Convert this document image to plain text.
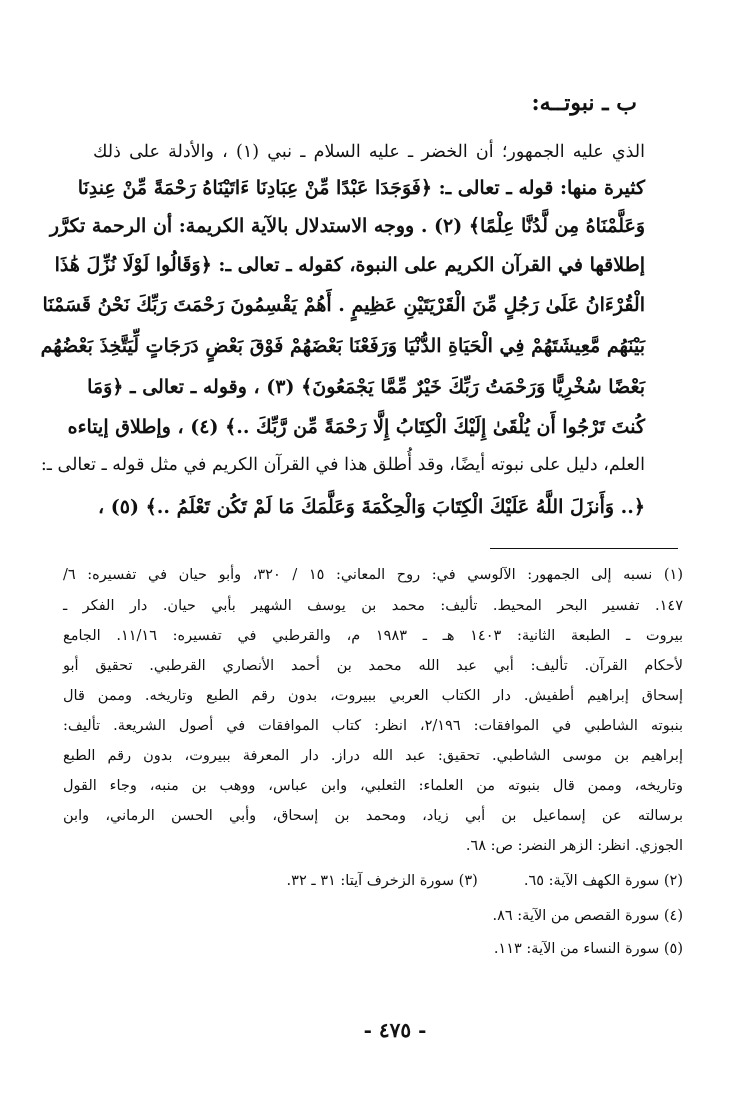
ب ـ نبوتــه:
الذي عليه الجمهور؛ أن الخضر ـ عليه السلام ـ نبي (١) ، والأدلة على ذلك
كثيرة منها: قوله ـ تعالى ـ: ﴿فَوَجَدَا عَبْدًا مِّنْ عِبَادِنَا ءَاتَيْنَاهُ رَحْمَةً مِّنْ عِندِنَا
وَعَلَّمْنَاهُ مِن لَّدُنَّا عِلْمًا﴾ (٢) . ووجه الاستدلال بالآية الكريمة: أن الرحمة تكرَّر
إطلاقها في القرآن الكريم على النبوة، كقوله ـ تعالى ـ: ﴿وَقَالُوا لَوْلَا نُزِّلَ هَٰذَا
الْقُرْءَانُ عَلَىٰ رَجُلٍ مِّنَ الْقَرْيَتَيْنِ عَظِيمٍ . أَهُمْ يَقْسِمُونَ رَحْمَتَ رَبِّكَ نَحْنُ قَسَمْنَا
بَيْنَهُم مَّعِيشَتَهُمْ فِي الْحَيَاةِ الدُّنْيَا وَرَفَعْنَا بَعْضَهُمْ فَوْقَ بَعْضٍ دَرَجَاتٍ لِّيَتَّخِذَ بَعْضُهُم
بَعْضًا سُخْرِيًّا وَرَحْمَتُ رَبِّكَ خَيْرٌ مِّمَّا يَجْمَعُونَ﴾ (٣) ، وقوله ـ تعالى ـ ﴿وَمَا
كُنتَ تَرْجُوا أَن يُلْقَىٰ إِلَيْكَ الْكِتَابُ إِلَّا رَحْمَةً مِّن رَّبِّكَ ..﴾ (٤) ، وإطلاق إيتاءه
العلم، دليل على نبوته أيضًا، وقد أُطلق هذا في القرآن الكريم في مثل قوله ـ تعالى ـ:
﴿.. وَأَنزَلَ اللَّهُ عَلَيْكَ الْكِتَابَ وَالْحِكْمَةَ وَعَلَّمَكَ مَا لَمْ تَكُن تَعْلَمُ ..﴾ (٥) ،
(١) نسبه إلى الجمهور: الآلوسي في: روح المعاني: ١٥ / ٣٢٠، وأبو حيان في تفسيره: ٦/
١٤٧. تفسير البحر المحيط. تأليف: محمد بن يوسف الشهير بأبي حيان. دار الفكر ـ
بيروت ـ الطبعة الثانية: ١٤٠٣ هـ ـ ١٩٨٣ م، والقرطبي في تفسيره: ١١/١٦. الجامع
لأحكام القرآن. تأليف: أبي عبد الله محمد بن أحمد الأنصاري القرطبي. تحقيق أبو
إسحاق إبراهيم أطفيش. دار الكتاب العربي ببيروت، بدون رقم الطبع وتاريخه. وممن قال
بنبوته الشاطبي في الموافقات: ٢/١٩٦، انظر: كتاب الموافقات في أصول الشريعة. تأليف:
إبراهيم بن موسى الشاطبي. تحقيق: عبد الله دراز. دار المعرفة ببيروت، بدون رقم الطبع
وتاريخه، وممن قال بنبوته من العلماء: الثعلبي، وابن عباس، ووهب بن منبه، وجاء القول
برسالته عن إسماعيل بن أبي زياد، ومحمد بن إسحاق، وأبي الحسن الرماني، وابن
الجوزي. انظر: الزهر النضر: ص: ٦٨.
(٢) سورة الكهف الآية: ٦٥.          (٣) سورة الزخرف آيتا: ٣١ ـ ٣٢.
(٤) سورة القصص من الآية: ٨٦.
(٥) سورة النساء من الآية: ١١٣.
- ٤٧٥ -
